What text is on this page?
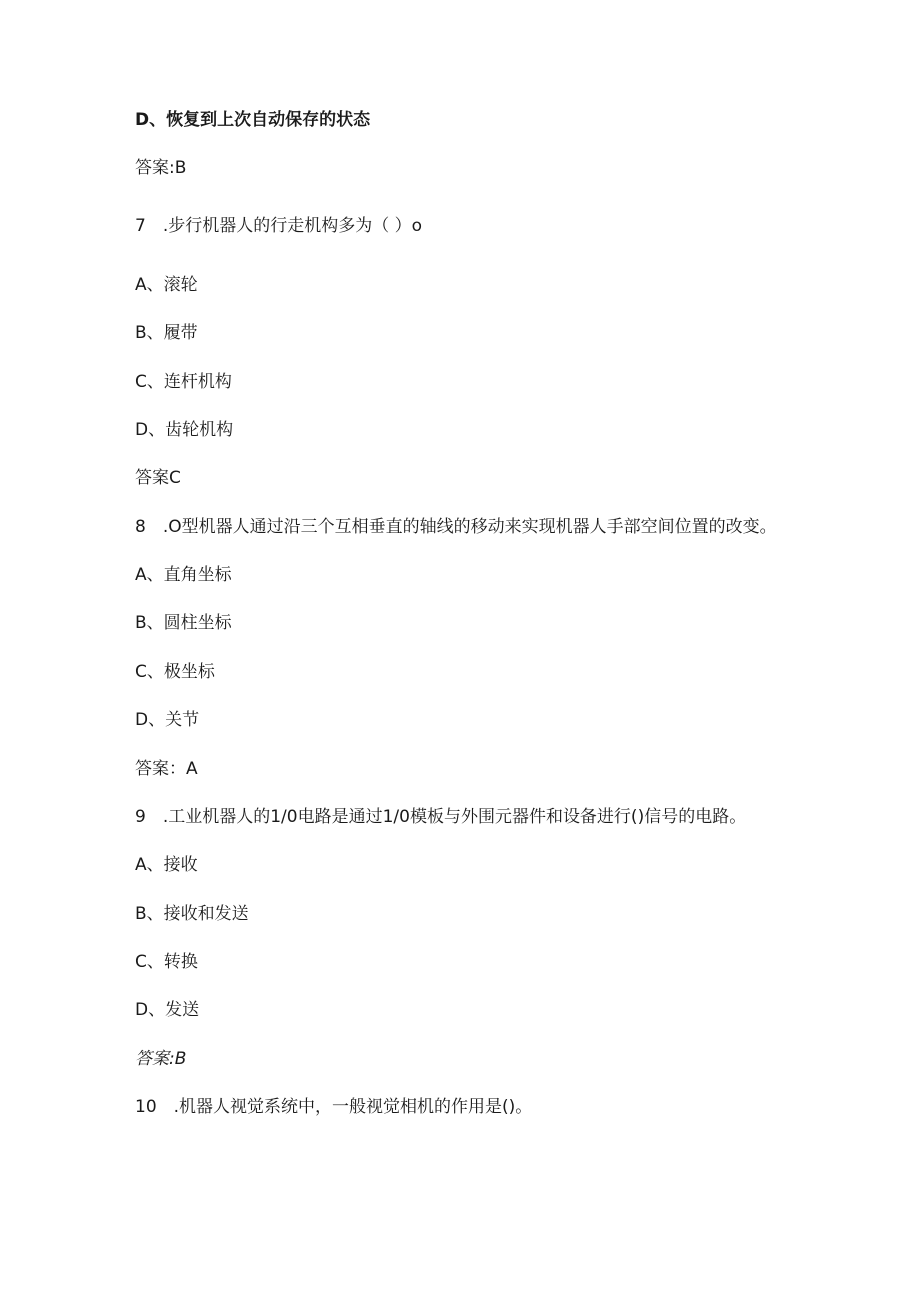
D、恢复到上次自动保存的状态
答案:B
7　.步行机器人的行走机构多为（ ）o
A、滚轮
B、履带
C、连杆机构
D、齿轮机构
答案C
8　.O型机器人通过沿三个互相垂直的轴线的移动来实现机器人手部空间位置的改变。
A、直角坐标
B、圆柱坐标
C、极坐标
D、关节
答案：A
9　.工业机器人的1/0电路是通过1/0模板与外围元器件和设备进行()信号的电路。
A、接收
B、接收和发送
C、转换
D、发送
答案:B
10　.机器人视觉系统中，一般视觉相机的作用是()。
